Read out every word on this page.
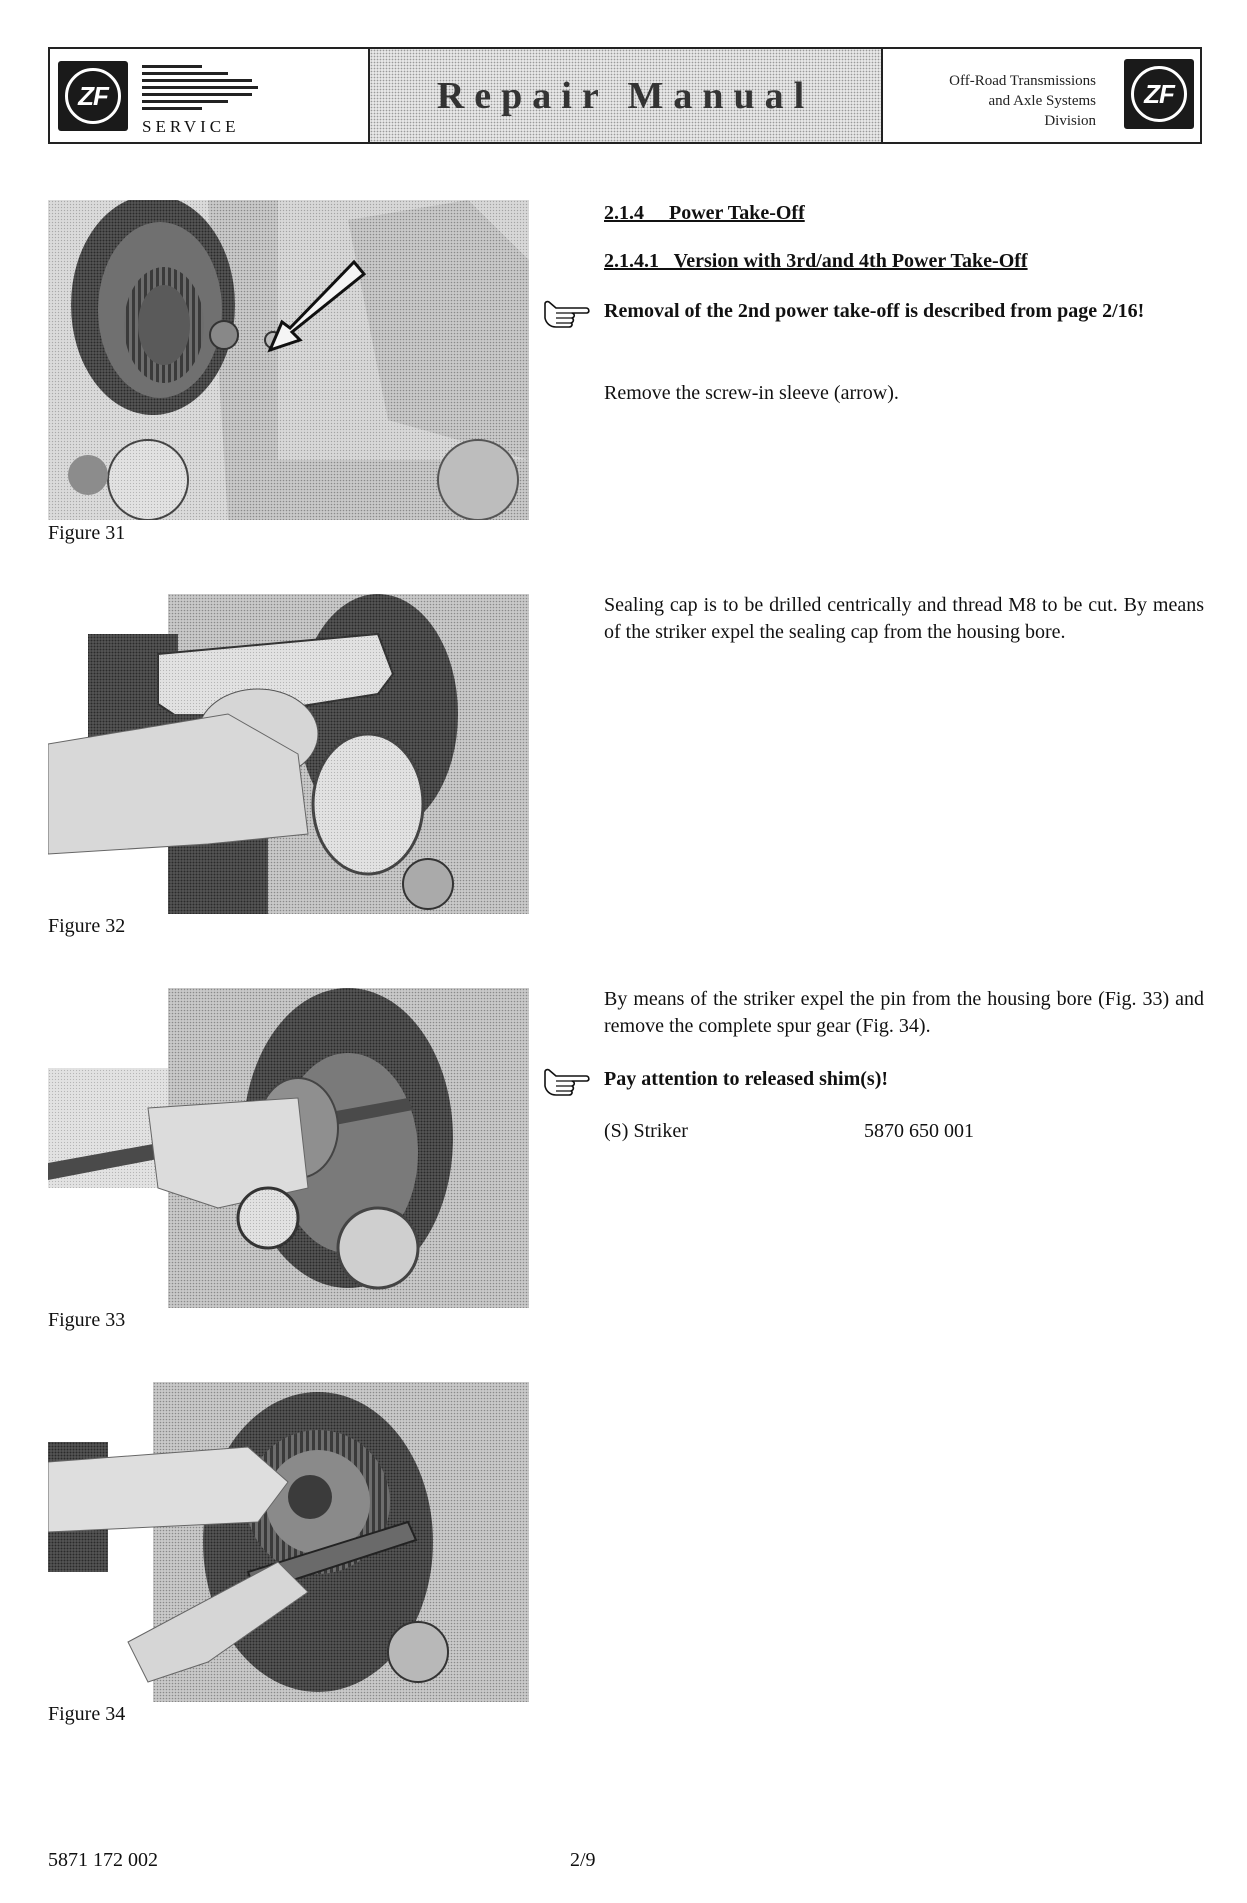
ZF
SERVICE
Repair Manual	Off-Road Transmissions
and Axle Systems
Division
ZF
Figure 31
Figure 32
Figure 33
Figure 34
2.1.4     Power Take-Off
2.1.4.1   Version with 3rd/and 4th Power Take-Off
Removal of the 2nd power take-off is described from page 2/16!
Remove the screw-in sleeve (arrow).
Sealing cap is to be drilled centrically and thread M8 to be cut. By means of the striker expel the sealing cap from the housing bore.
By means of the striker expel the pin from the housing bore (Fig. 33) and remove the complete spur gear (Fig. 34).
Pay attention to released shim(s)!
(S) Striker	5870 650 001
5871 172 002	2/9
